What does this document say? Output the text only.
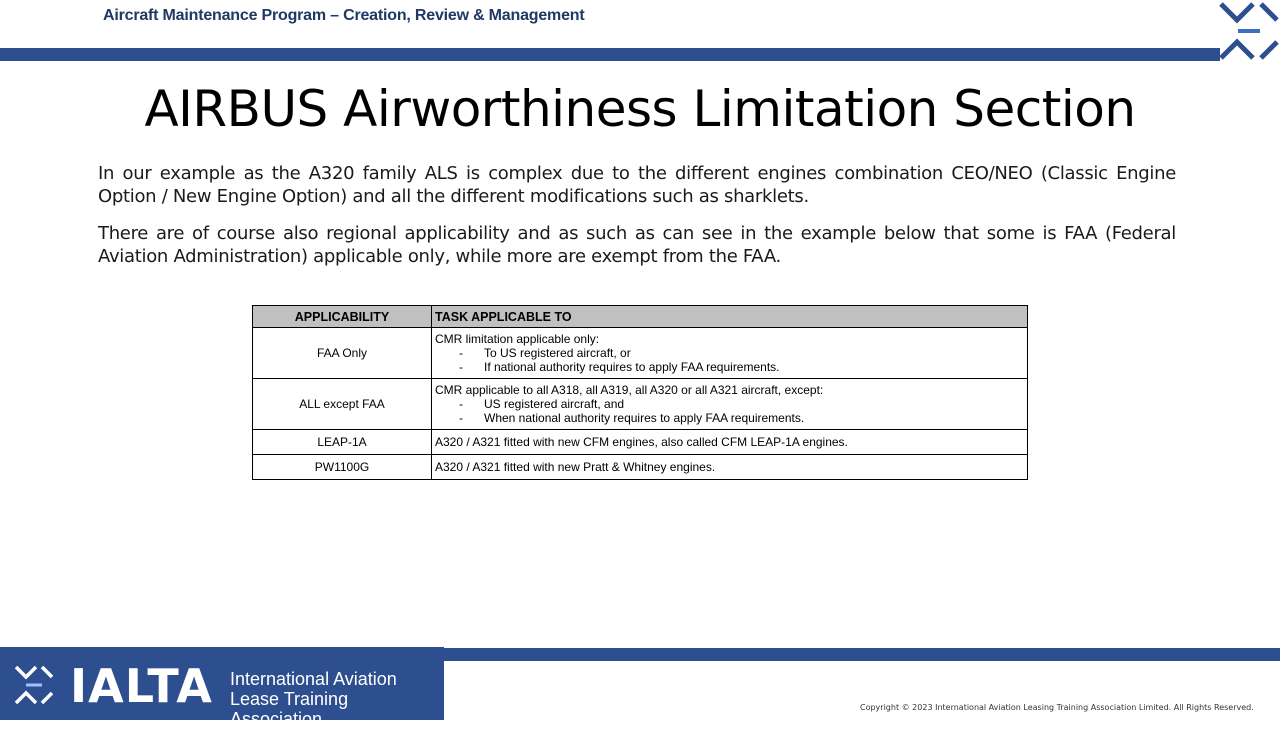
Aircraft Maintenance Program – Creation, Review & Management
AIRBUS Airworthiness Limitation Section
In our example as the A320 family ALS is complex due to the different engines combination CEO/NEO (Classic Engine Option / New Engine Option) and all the different modifications such as sharklets.
There are of course also regional applicability and as such as can see in the example below that some is FAA (Federal Aviation Administration) applicable only, while more are exempt from the FAA.
APPLICABILITY	TASK APPLICABLE TO
FAA Only	CMR limitation applicable only:
- To US registered aircraft, or
- If national authority requires to apply FAA requirements.

ALL except FAA	CMR applicable to all A318, all A319, all A320 or all A321 aircraft, except:
- US registered aircraft, and
- When national authority requires to apply FAA requirements.

LEAP-1A	A320 / A321 fitted with new CFM engines, also called CFM LEAP-1A engines.
PW1100G	A320 / A321 fitted with new Pratt & Whitney engines.
IALTA International Aviation
Lease Training Association
Copyright © 2023 International Aviation Leasing Training Association Limited. All Rights Reserved.
